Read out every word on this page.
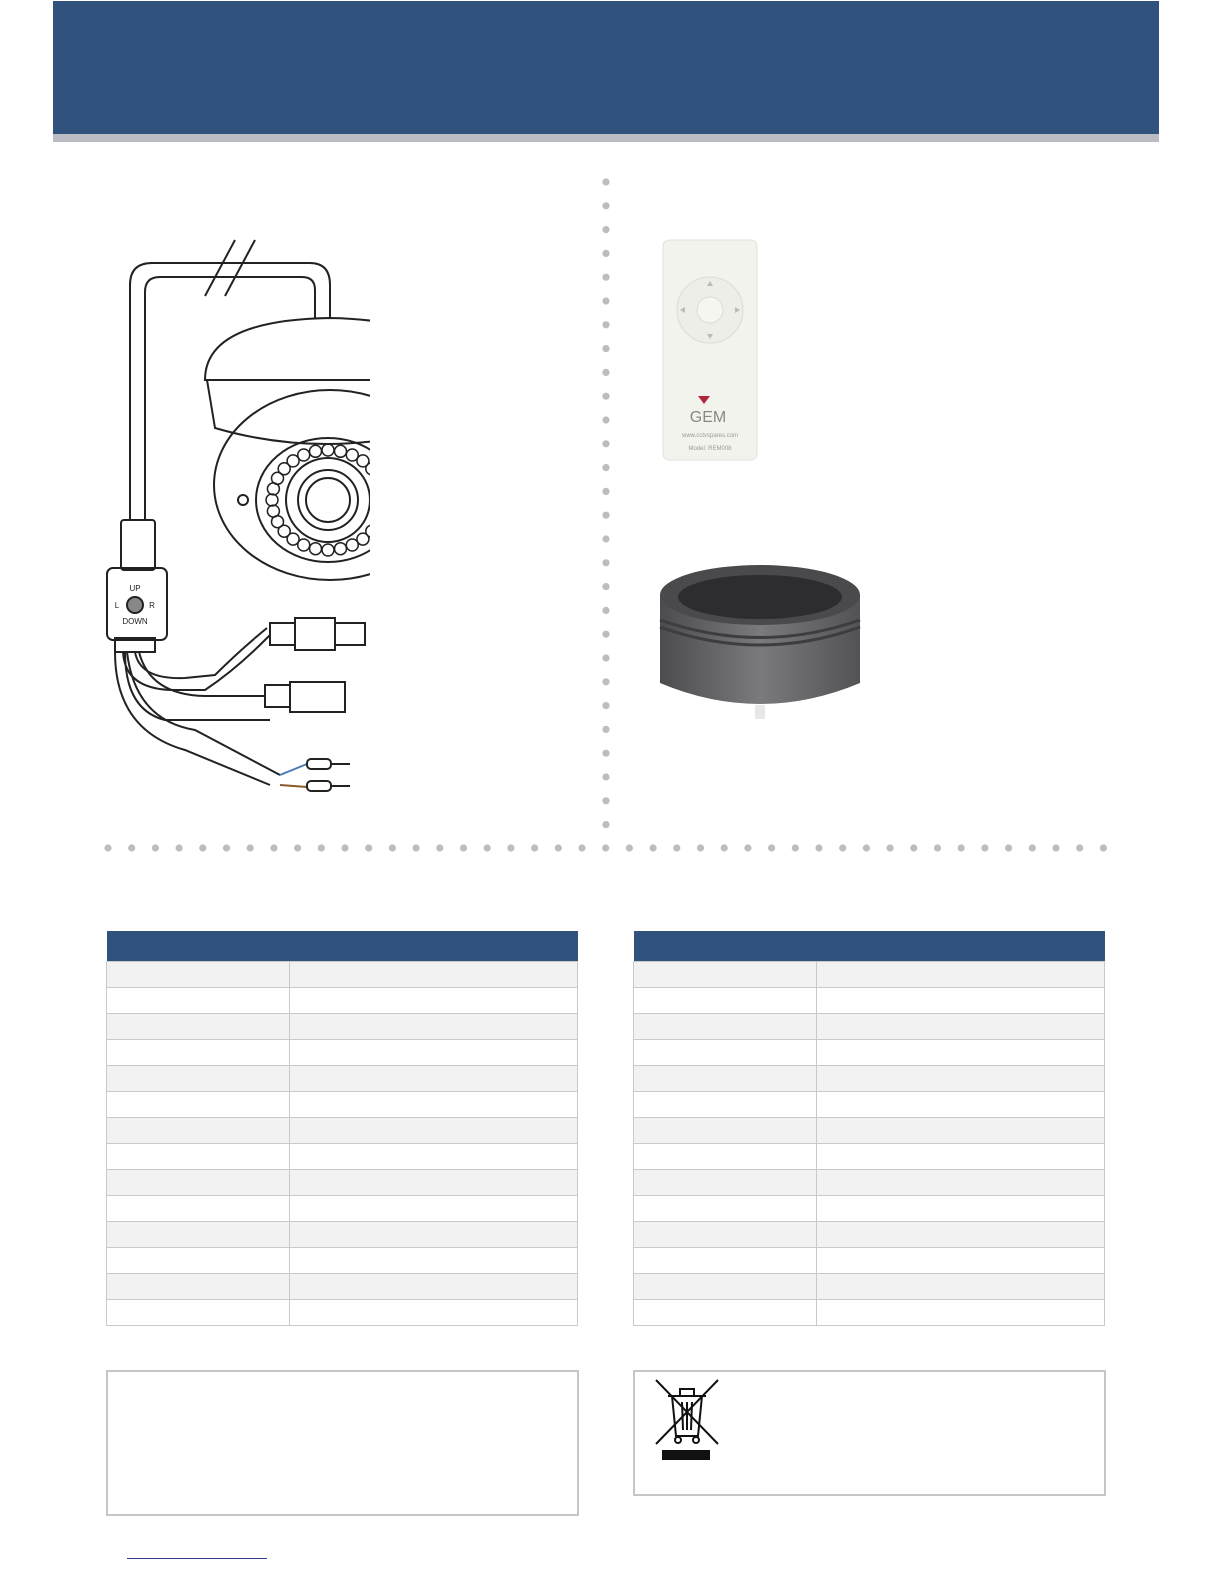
UP
DOWN
L	R
GEM
www.cctvspares.com
Model: REM008
